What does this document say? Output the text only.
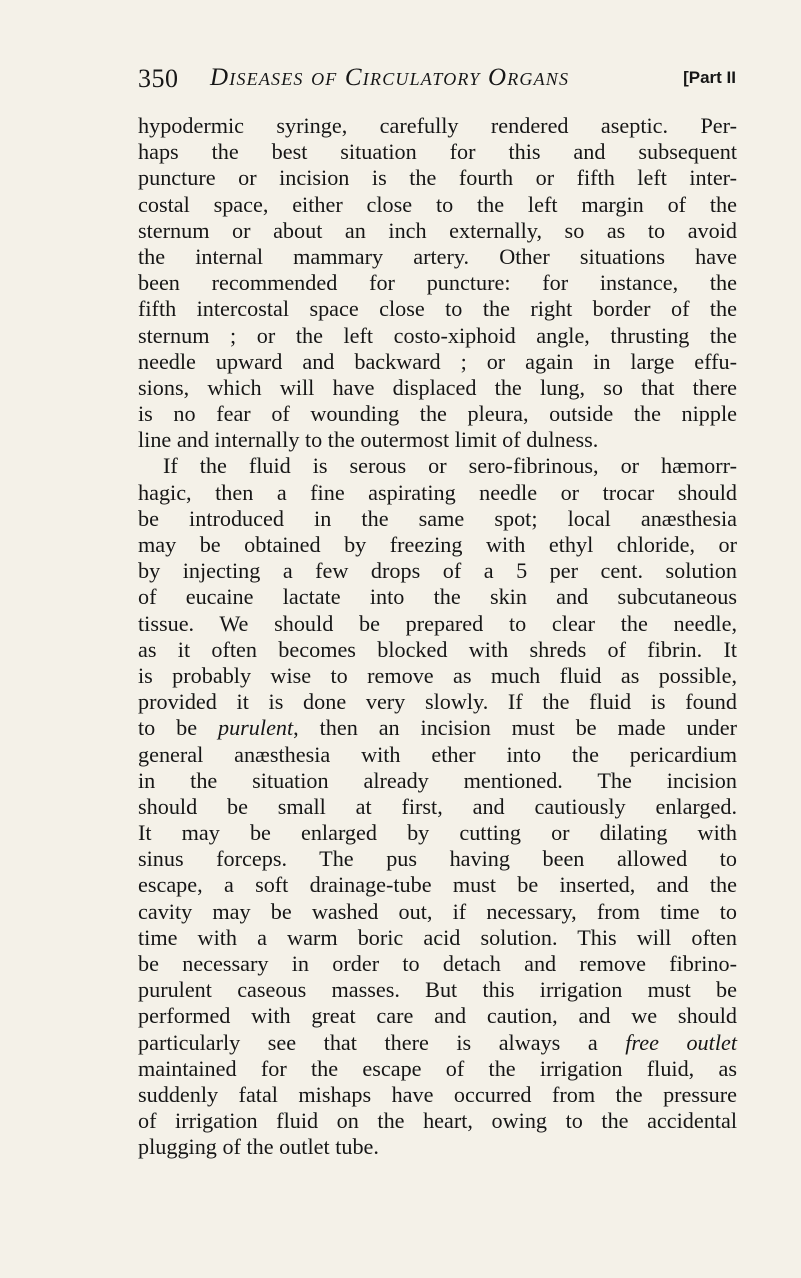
350 Diseases of Circulatory Organs	[Part II
hypodermic syringe, carefully rendered aseptic. Per-
haps the best situation for this and subsequent
puncture or incision is the fourth or fifth left inter-
costal space, either close to the left margin of the
sternum or about an inch externally, so as to avoid
the internal mammary artery. Other situations have
been recommended for puncture: for instance, the
fifth intercostal space close to the right border of the
sternum ; or the left costo-xiphoid angle, thrusting the
needle upward and backward ; or again in large effu-
sions, which will have displaced the lung, so that there
is no fear of wounding the pleura, outside the nipple
line and internally to the outermost limit of dulness.
If the fluid is serous or sero-fibrinous, or hæmorr-
hagic, then a fine aspirating needle or trocar should
be introduced in the same spot; local anæsthesia
may be obtained by freezing with ethyl chloride, or
by injecting a few drops of a 5 per cent. solution
of eucaine lactate into the skin and subcutaneous
tissue. We should be prepared to clear the needle,
as it often becomes blocked with shreds of fibrin. It
is probably wise to remove as much fluid as possible,
provided it is done very slowly. If the fluid is found
to be purulent, then an incision must be made under
general anæsthesia with ether into the pericardium
in the situation already mentioned. The incision
should be small at first, and cautiously enlarged.
It may be enlarged by cutting or dilating with
sinus forceps. The pus having been allowed to
escape, a soft drainage-tube must be inserted, and the
cavity may be washed out, if necessary, from time to
time with a warm boric acid solution. This will often
be necessary in order to detach and remove fibrino-
purulent caseous masses. But this irrigation must be
performed with great care and caution, and we should
particularly see that there is always a free outlet
maintained for the escape of the irrigation fluid, as
suddenly fatal mishaps have occurred from the pressure
of irrigation fluid on the heart, owing to the accidental
plugging of the outlet tube.
